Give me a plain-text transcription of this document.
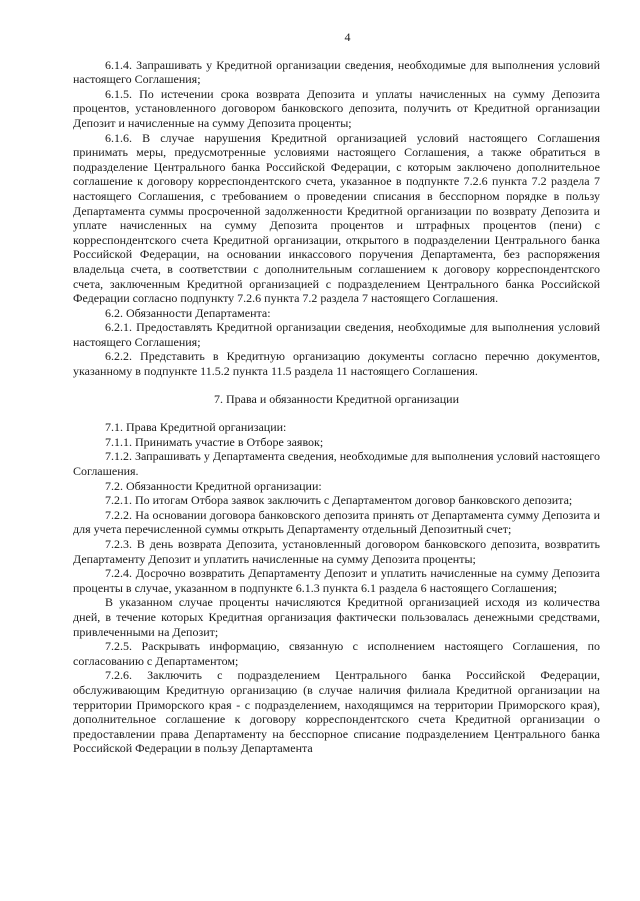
4

6.1.4. Запрашивать у Кредитной организации сведения, необходимые для выполнения условий настоящего Соглашения;

6.1.5. По истечении срока возврата Депозита и уплаты начисленных на сумму Депозита процентов, установленного договором банковского депозита, получить от Кредитной организации Депозит и начисленные на сумму Депозита проценты;

6.1.6. В случае нарушения Кредитной организацией условий настоящего Соглашения принимать меры, предусмотренные условиями настоящего Соглашения, а также обратиться в подразделение Центрального банка Российской Федерации, с которым заключено дополнительное соглашение к договору корреспондентского счета, указанное в подпункте 7.2.6 пункта 7.2 раздела 7 настоящего Соглашения, с требованием о проведении списания в бесспорном порядке в пользу Департамента суммы просроченной задолженности Кредитной организации по возврату Депозита и уплате начисленных на сумму Депозита процентов и штрафных процентов (пени) с корреспондентского счета Кредитной организации, открытого в подразделении Центрального банка Российской Федерации, на основании инкассового поручения Департамента, без распоряжения владельца счета, в соответствии с дополнительным соглашением к договору корреспондентского счета, заключенным Кредитной организацией с подразделением Центрального банка Российской Федерации согласно подпункту 7.2.6 пункта 7.2 раздела 7 настоящего Соглашения.

6.2. Обязанности Департамента:

6.2.1. Предоставлять Кредитной организации сведения, необходимые для выполнения условий настоящего Соглашения;

6.2.2. Представить в Кредитную организацию документы согласно перечню документов, указанному в подпункте 11.5.2 пункта 11.5 раздела 11 настоящего Соглашения.

7. Права и обязанности Кредитной организации

7.1. Права Кредитной организации:

7.1.1. Принимать участие в Отборе заявок;

7.1.2. Запрашивать у Департамента сведения, необходимые для выполнения условий настоящего Соглашения.

7.2. Обязанности Кредитной организации:

7.2.1. По итогам Отбора заявок заключить с Департаментом договор банковского депозита;

7.2.2. На основании договора банковского депозита принять от Департамента сумму Депозита и для учета перечисленной суммы открыть Департаменту отдельный Депозитный счет;

7.2.3. В день возврата Депозита, установленный договором банковского депозита, возвратить Департаменту Депозит и уплатить начисленные на сумму Депозита проценты;

7.2.4. Досрочно возвратить Департаменту Депозит и уплатить начисленные на сумму Депозита проценты в случае, указанном в подпункте 6.1.3 пункта 6.1 раздела 6 настоящего Соглашения;

В указанном случае проценты начисляются Кредитной организацией исходя из количества дней, в течение которых Кредитная организация фактически пользовалась денежными средствами, привлеченными на Депозит;

7.2.5. Раскрывать информацию, связанную с исполнением настоящего Соглашения, по согласованию с Департаментом;

7.2.6. Заключить с подразделением Центрального банка Российской Федерации, обслуживающим Кредитную организацию (в случае наличия филиала Кредитной организации на территории Приморского края - с подразделением, находящимся на территории Приморского края), дополнительное соглашение к договору корреспондентского счета Кредитной организации о предоставлении права Департаменту на бесспорное списание подразделением Центрального банка Российской Федерации в пользу Департамента
